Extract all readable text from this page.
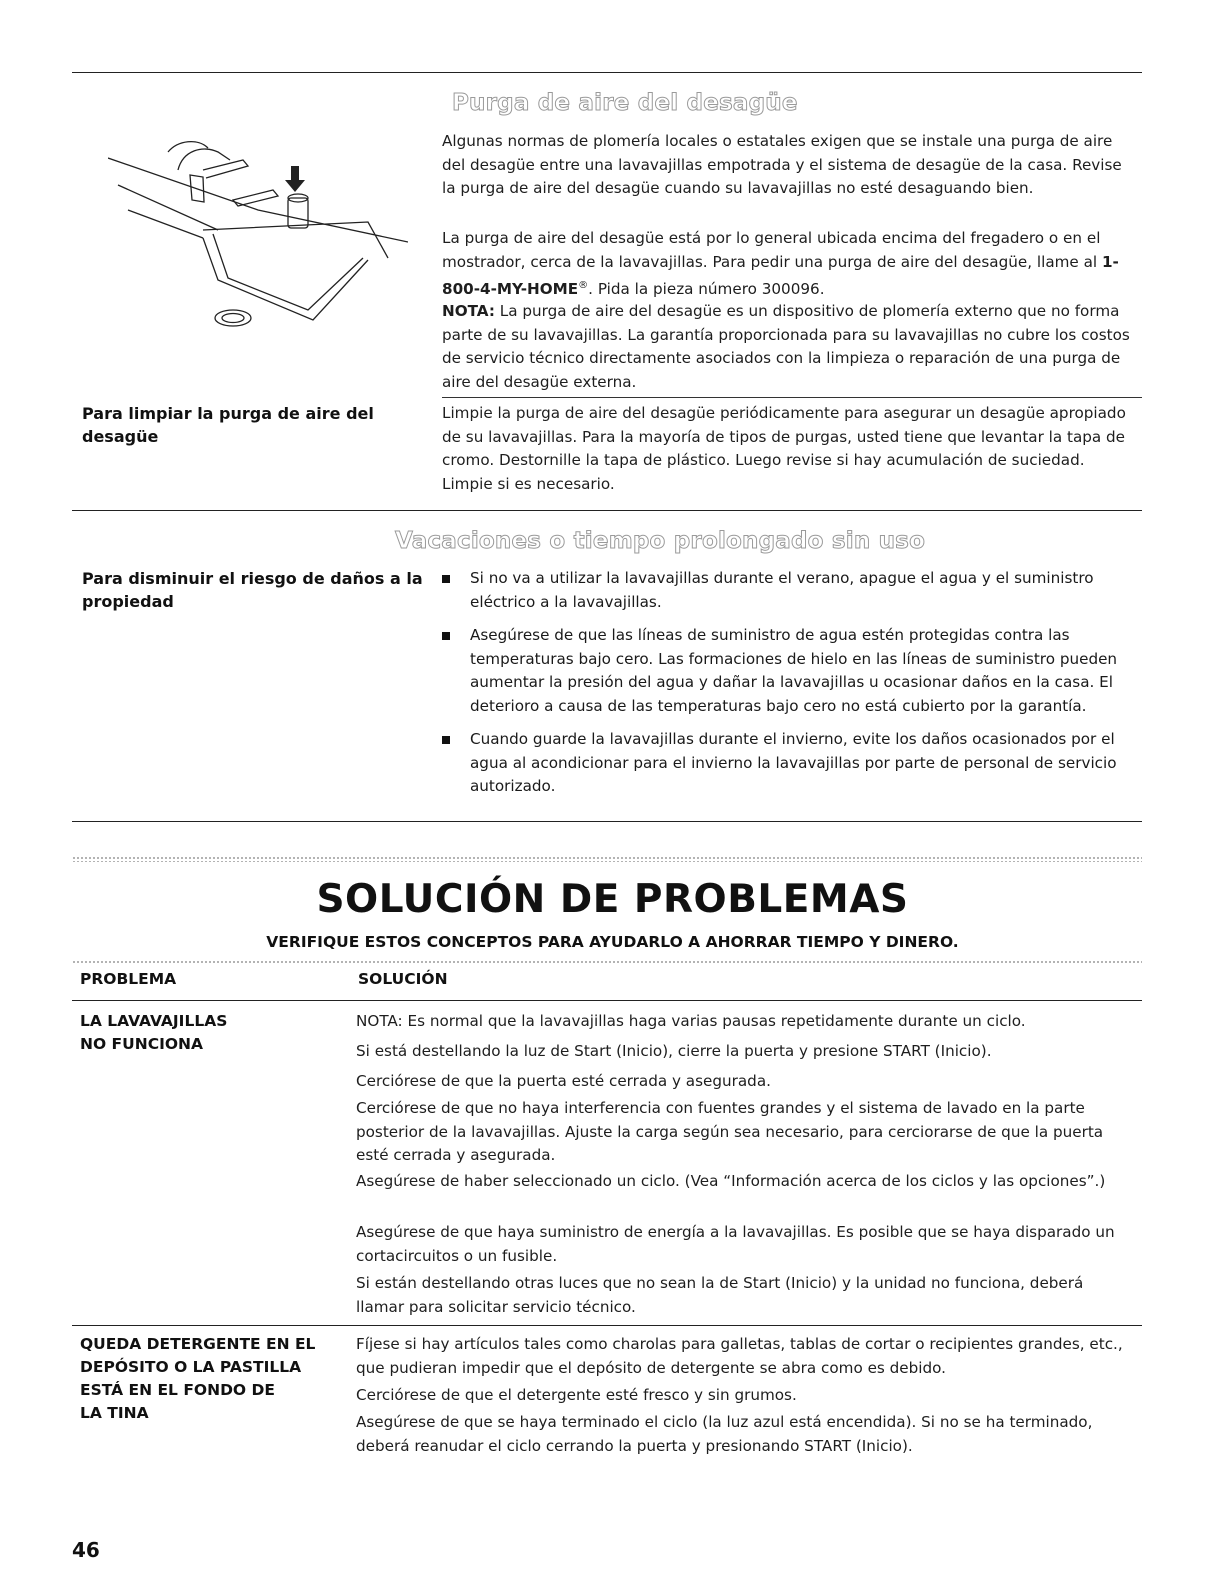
Purga de aire del desagüe

Algunas normas de plomería locales o estatales exigen que se instale una purga de aire del desagüe entre una lavavajillas empotrada y el sistema de desagüe de la casa. Revise la purga de aire del desagüe cuando su lavavajillas no esté desaguando bien.

La purga de aire del desagüe está por lo general ubicada encima del fregadero o en el mostrador, cerca de la lavavajillas. Para pedir una purga de aire del desagüe, llame al 1-800-4-MY-HOME®. Pida la pieza número 300096.

NOTA: La purga de aire del desagüe es un dispositivo de plomería externo que no forma parte de su lavavajillas. La garantía proporcionada para su lavavajillas no cubre los costos de servicio técnico directamente asociados con la limpieza o reparación de una purga de aire del desagüe externa.

Para limpiar la purga de aire del desagüe

Limpie la purga de aire del desagüe periódicamente para asegurar un desagüe apropiado de su lavavajillas. Para la mayoría de tipos de purgas, usted tiene que levantar la tapa de cromo. Destornille la tapa de plástico. Luego revise si hay acumulación de suciedad. Limpie si es necesario.

Vacaciones o tiempo prolongado sin uso

Para disminuir el riesgo de daños a la propiedad

Si no va a utilizar la lavavajillas durante el verano, apague el agua y el suministro eléctrico a la lavavajillas.
Asegúrese de que las líneas de suministro de agua estén protegidas contra las temperaturas bajo cero. Las formaciones de hielo en las líneas de suministro pueden aumentar la presión del agua y dañar la lavavajillas u ocasionar daños en la casa. El deterioro a causa de las temperaturas bajo cero no está cubierto por la garantía.
Cuando guarde la lavavajillas durante el invierno, evite los daños ocasionados por el agua al acondicionar para el invierno la lavavajillas por parte de personal de servicio autorizado.
SOLUCIÓN DE PROBLEMAS

VERIFIQUE ESTOS CONCEPTOS PARA AYUDARLO A AHORRAR TIEMPO Y DINERO.

PROBLEMA	SOLUCIÓN
LA LAVAVAJILLAS
NO FUNCIONA

NOTA: Es normal que la lavavajillas haga varias pausas repetidamente durante un ciclo.

Si está destellando la luz de Start (Inicio), cierre la puerta y presione START (Inicio).

Cerciórese de que la puerta esté cerrada y asegurada.

Cerciórese de que no haya interferencia con fuentes grandes y el sistema de lavado en la parte posterior de la lavavajillas. Ajuste la carga según sea necesario, para cerciorarse de que la puerta esté cerrada y asegurada.

Asegúrese de haber seleccionado un ciclo. (Vea “Información acerca de los ciclos y las opciones”.)

Asegúrese de que haya suministro de energía a la lavavajillas. Es posible que se haya disparado un cortacircuitos o un fusible.

Si están destellando otras luces que no sean la de Start (Inicio) y la unidad no funciona, deberá llamar para solicitar servicio técnico.

QUEDA DETERGENTE EN EL
DEPÓSITO O LA PASTILLA
ESTÁ EN EL FONDO DE
LA TINA

Fíjese si hay artículos tales como charolas para galletas, tablas de cortar o recipientes grandes, etc., que pudieran impedir que el depósito de detergente se abra como es debido.

Cerciórese de que el detergente esté fresco y sin grumos.

Asegúrese de que se haya terminado el ciclo (la luz azul está encendida). Si no se ha terminado, deberá reanudar el ciclo cerrando la puerta y presionando START (Inicio).

46
